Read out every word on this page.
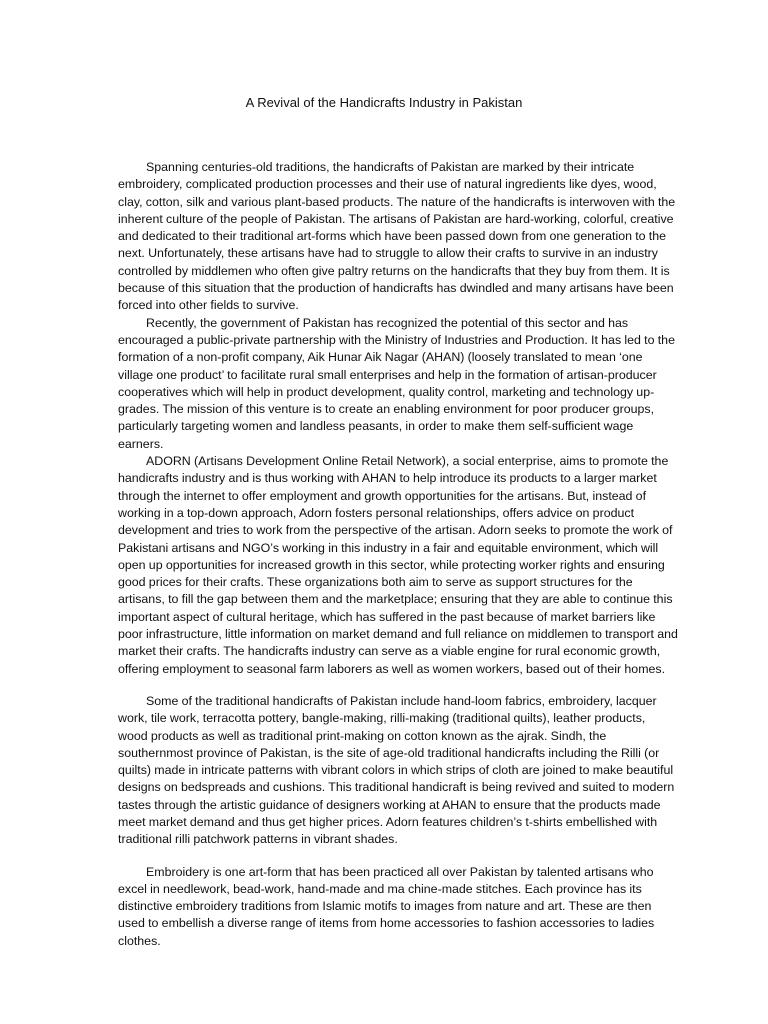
A Revival of the Handicrafts Industry in Pakistan

Spanning centuries-old traditions, the handicrafts of Pakistan are marked by their intricate embroidery, complicated production processes and their use of natural ingredients like dyes, wood, clay, cotton, silk and various plant-based products. The nature of the handicrafts is interwoven with the inherent culture of the people of Pakistan. The artisans of Pakistan are hard-working, colorful, creative and dedicated to their traditional art-forms which have been passed down from one generation to the next. Unfortunately, these artisans have had to struggle to allow their crafts to survive in an industry controlled by middlemen who often give paltry returns on the handicrafts that they buy from them. It is because of this situation that the production of handicrafts has dwindled and many artisans have been forced into other fields to survive.

Recently, the government of Pakistan has recognized the potential of this sector and has encouraged a public-private partnership with the Ministry of Industries and Production. It has led to the formation of a non-profit company, Aik Hunar Aik Nagar (AHAN) (loosely translated to mean ‘one village one product’ to facilitate rural small enterprises and help in the formation of artisan-producer cooperatives which will help in product development, quality control, marketing and technology up-grades. The mission of this venture is to create an enabling environment for poor producer groups, particularly targeting women and landless peasants, in order to make them self-sufficient wage earners.

ADORN (Artisans Development Online Retail Network), a social enterprise, aims to promote the handicrafts industry and is thus working with AHAN to help introduce its products to a larger market through the internet to offer employment and growth opportunities for the artisans. But, instead of working in a top-down approach, Adorn fosters personal relationships, offers advice on product development and tries to work from the perspective of the artisan. Adorn seeks to promote the work of Pakistani artisans and NGO’s working in this industry in a fair and equitable environment, which will open up opportunities for increased growth in this sector, while protecting worker rights and ensuring good prices for their crafts. These organizations both aim to serve as support structures for the artisans, to fill the gap between them and the marketplace; ensuring that they are able to continue this important aspect of cultural heritage, which has suffered in the past because of market barriers like poor infrastructure, little information on market demand and full reliance on middlemen to transport and market their crafts. The handicrafts industry can serve as a viable engine for rural economic growth, offering employment to seasonal farm laborers as well as women workers, based out of their homes.

Some of the traditional handicrafts of Pakistan include hand-loom fabrics, embroidery, lacquer work, tile work, terracotta pottery, bangle-making, rilli-making (traditional quilts), leather products, wood products as well as traditional print-making on cotton known as the ajrak. Sindh, the southernmost province of Pakistan, is the site of age-old traditional handicrafts including the Rilli (or quilts) made in intricate patterns with vibrant colors in which strips of cloth are joined to make beautiful designs on bedspreads and cushions. This traditional handicraft is being revived and suited to modern tastes through the artistic guidance of designers working at AHAN to ensure that the products made meet market demand and thus get higher prices. Adorn features children’s t-shirts embellished with traditional rilli patchwork patterns in vibrant shades.

Embroidery is one art-form that has been practiced all over Pakistan by talented artisans who excel in needlework, bead-work, hand-made and ma chine-made stitches. Each province has its distinctive embroidery traditions from Islamic motifs to images from nature and art. These are then used to embellish a diverse range of items from home accessories to fashion accessories to ladies clothes.
